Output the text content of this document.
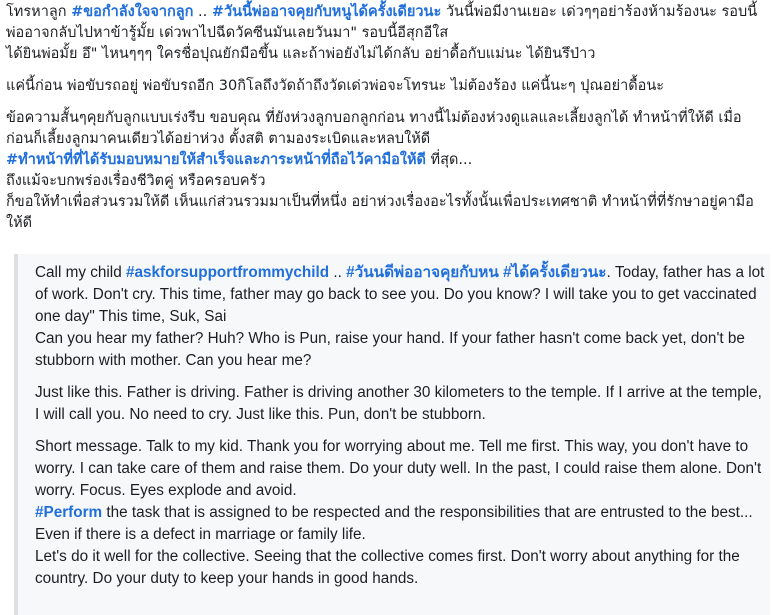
โทรหาลูก #ขอกำลังใจจากลูก .. #วันนี้พ่ออาจคุยกับหนูได้ครั้งเดียวนะ วันนี้พ่อมีงานเยอะ เด่วๆๆอย่าร้องห้ามร้องนะ รอบนี้พ่ออาจกลับไปหาข้ารู้มั้ย เด่วพาไปฉีดวัคซีนมันเลยวันมา" รอบนี้อีสุกอีใส
ได้ยินพ่อมั้ย อึ" ไหนๆๆๆ ใครชื่อปุณยักมือขึ้น และถ้าพ่อยังไม่ได้กลับ อย่าดื้อกับแม่นะ ได้ยินรึป่าว

แค่นี้ก่อน พ่อขับรถอยู่ พ่อขับรถอีก 30กิโลถึงวัดถ้าถึงวัดเด่วพ่อจะโทรนะ ไม่ต้องร้อง แค่นี้นะๆ ปุณอย่าดื้อนะ

ข้อความสั้นๆคุยกับลูกแบบเร่งรีบ ขอบคุณ ที่ยังห่วงลูกบอกลูกก่อน ทางนี้ไม่ต้องห่วงดูแลและเลี้ยงลูกได้ ทำหน้าที่ให้ดี เมื่อก่อนก็เลี้ยงลูกมาคนเดียวได้อย่าห่วง ตั้งสติ ตามองระเบิดและหลบให้ดี
#ทำหน้าที่ที่ได้รับมอบหมายให้สำเร็จและภาระหน้าที่ถือไว้คามือให้ดี ที่สุด...
ถึงแม้จะบกพร่องเรื่องชีวิตคู่ หรือครอบครัว
ก็ขอให้ทำเพื่อส่วนรวมให้ดี เห็นแก่ส่วนรวมมาเป็นที่หนึ่ง อย่าห่วงเรื่องอะไรทั้งนั้นเพื่อประเทศชาติ ทำหน้าที่ที่รักษาอยู่คามือให้ดี

Call my child #askforsupportfrommychild .. #วันนดีพ่ออาจคุยกับหน #ได้ครั้งเดียวนะ. Today, father has a lot of work. Don't cry. This time, father may go back to see you. Do you know? I will take you to get vaccinated one day" This time, Suk, Sai
Can you hear my father? Huh? Who is Pun, raise your hand. If your father hasn't come back yet, don't be stubborn with mother. Can you hear me?

Just like this. Father is driving. Father is driving another 30 kilometers to the temple. If I arrive at the temple, I will call you. No need to cry. Just like this. Pun, don't be stubborn.

Short message. Talk to my kid. Thank you for worrying about me. Tell me first. This way, you don't have to worry. I can take care of them and raise them. Do your duty well. In the past, I could raise them alone. Don't worry. Focus. Eyes explode and avoid.
#Perform the task that is assigned to be respected and the responsibilities that are entrusted to the best...
Even if there is a defect in marriage or family life.
Let's do it well for the collective. Seeing that the collective comes first. Don't worry about anything for the country. Do your duty to keep your hands in good hands.
